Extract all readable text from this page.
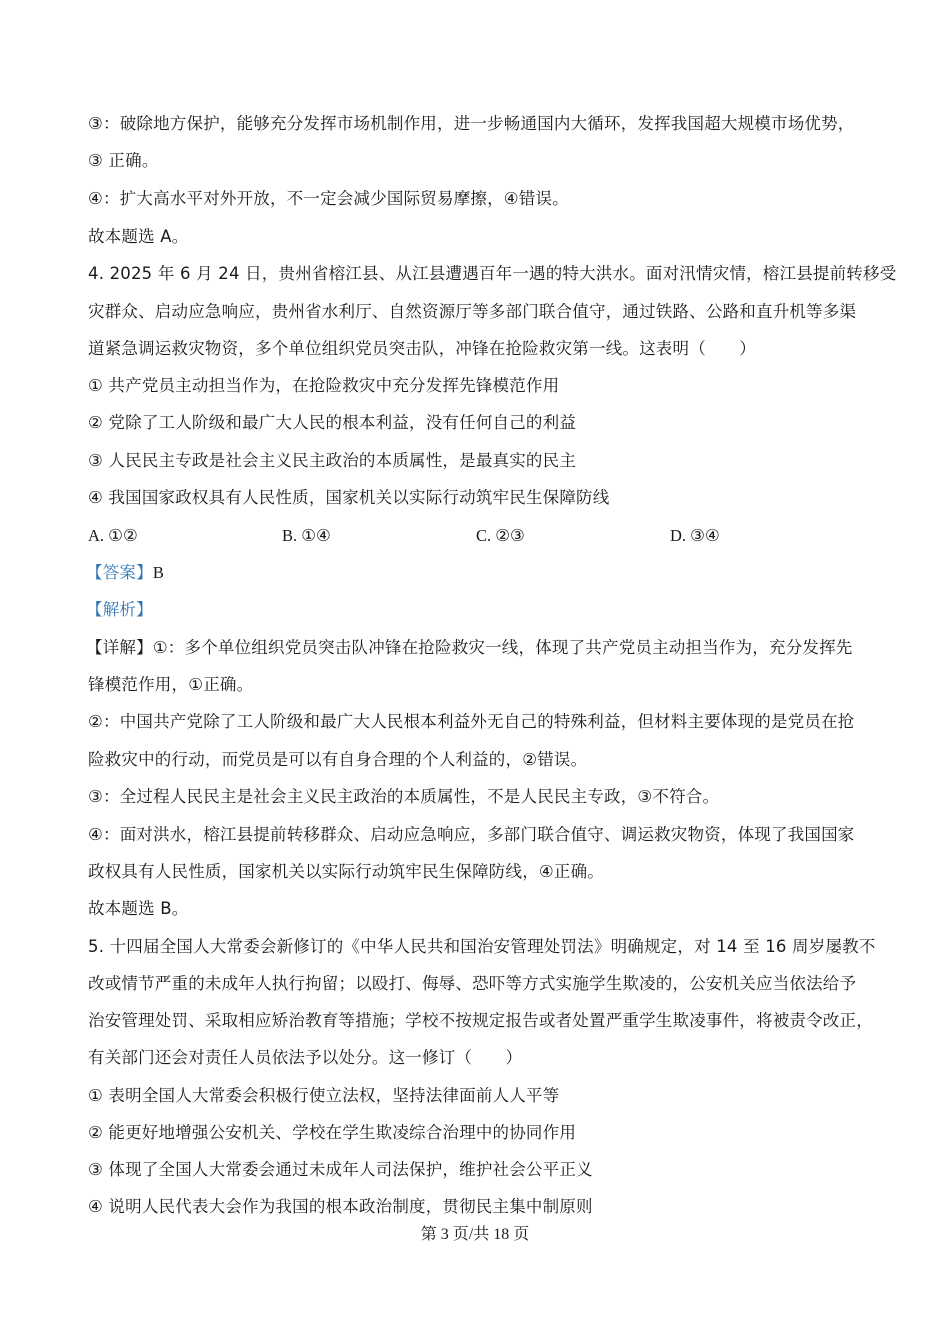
③：破除地方保护，能够充分发挥市场机制作用，进一步畅通国内大循环，发挥我国超大规模市场优势，
③ 正确。
④：扩大高水平对外开放，不一定会减少国际贸易摩擦，④错误。
故本题选 A。
4. 2025 年 6 月 24 日，贵州省榕江县、从江县遭遇百年一遇的特大洪水。面对汛情灾情，榕江县提前转移受
灾群众、启动应急响应，贵州省水利厅、自然资源厅等多部门联合值守，通过铁路、公路和直升机等多渠
道紧急调运救灾物资，多个单位组织党员突击队，冲锋在抢险救灾第一线。这表明（　　）
① 共产党员主动担当作为，在抢险救灾中充分发挥先锋模范作用
② 党除了工人阶级和最广大人民的根本利益，没有任何自己的利益
③ 人民民主专政是社会主义民主政治的本质属性，是最真实的民主
④ 我国国家政权具有人民性质，国家机关以实际行动筑牢民生保障防线
A. ①②	B. ①④	C. ②③	D. ③④
【答案】B
【解析】
【详解】①：多个单位组织党员突击队冲锋在抢险救灾一线，体现了共产党员主动担当作为，充分发挥先
锋模范作用，①正确。
②：中国共产党除了工人阶级和最广大人民根本利益外无自己的特殊利益，但材料主要体现的是党员在抢
险救灾中的行动，而党员是可以有自身合理的个人利益的，②错误。
③：全过程人民民主是社会主义民主政治的本质属性，不是人民民主专政，③不符合。
④：面对洪水，榕江县提前转移群众、启动应急响应，多部门联合值守、调运救灾物资，体现了我国国家
政权具有人民性质，国家机关以实际行动筑牢民生保障防线，④正确。
故本题选 B。
5. 十四届全国人大常委会新修订的《中华人民共和国治安管理处罚法》明确规定，对 14 至 16 周岁屡教不
改或情节严重的未成年人执行拘留；以殴打、侮辱、恐吓等方式实施学生欺凌的，公安机关应当依法给予
治安管理处罚、采取相应矫治教育等措施；学校不按规定报告或者处置严重学生欺凌事件，将被责令改正，
有关部门还会对责任人员依法予以处分。这一修订（　　）
① 表明全国人大常委会积极行使立法权，坚持法律面前人人平等
② 能更好地增强公安机关、学校在学生欺凌综合治理中的协同作用
③ 体现了全国人大常委会通过未成年人司法保护，维护社会公平正义
④ 说明人民代表大会作为我国的根本政治制度，贯彻民主集中制原则
第 3 页/共 18 页
